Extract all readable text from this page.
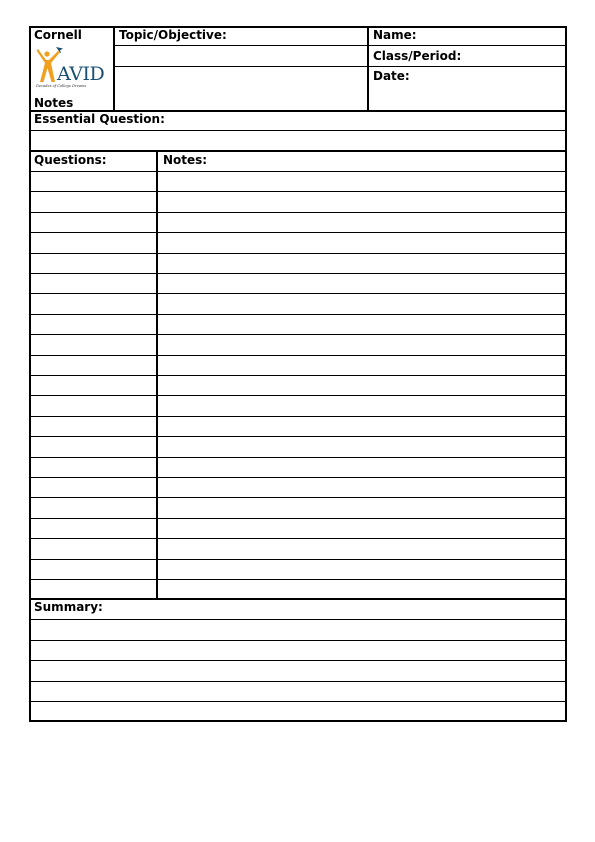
Cornell
Notes
Topic/Objective:	Name:
Class/Period:
Date:
AVID
Decades of College Dreams
Essential Question:
Questions:	Notes:
Summary:
